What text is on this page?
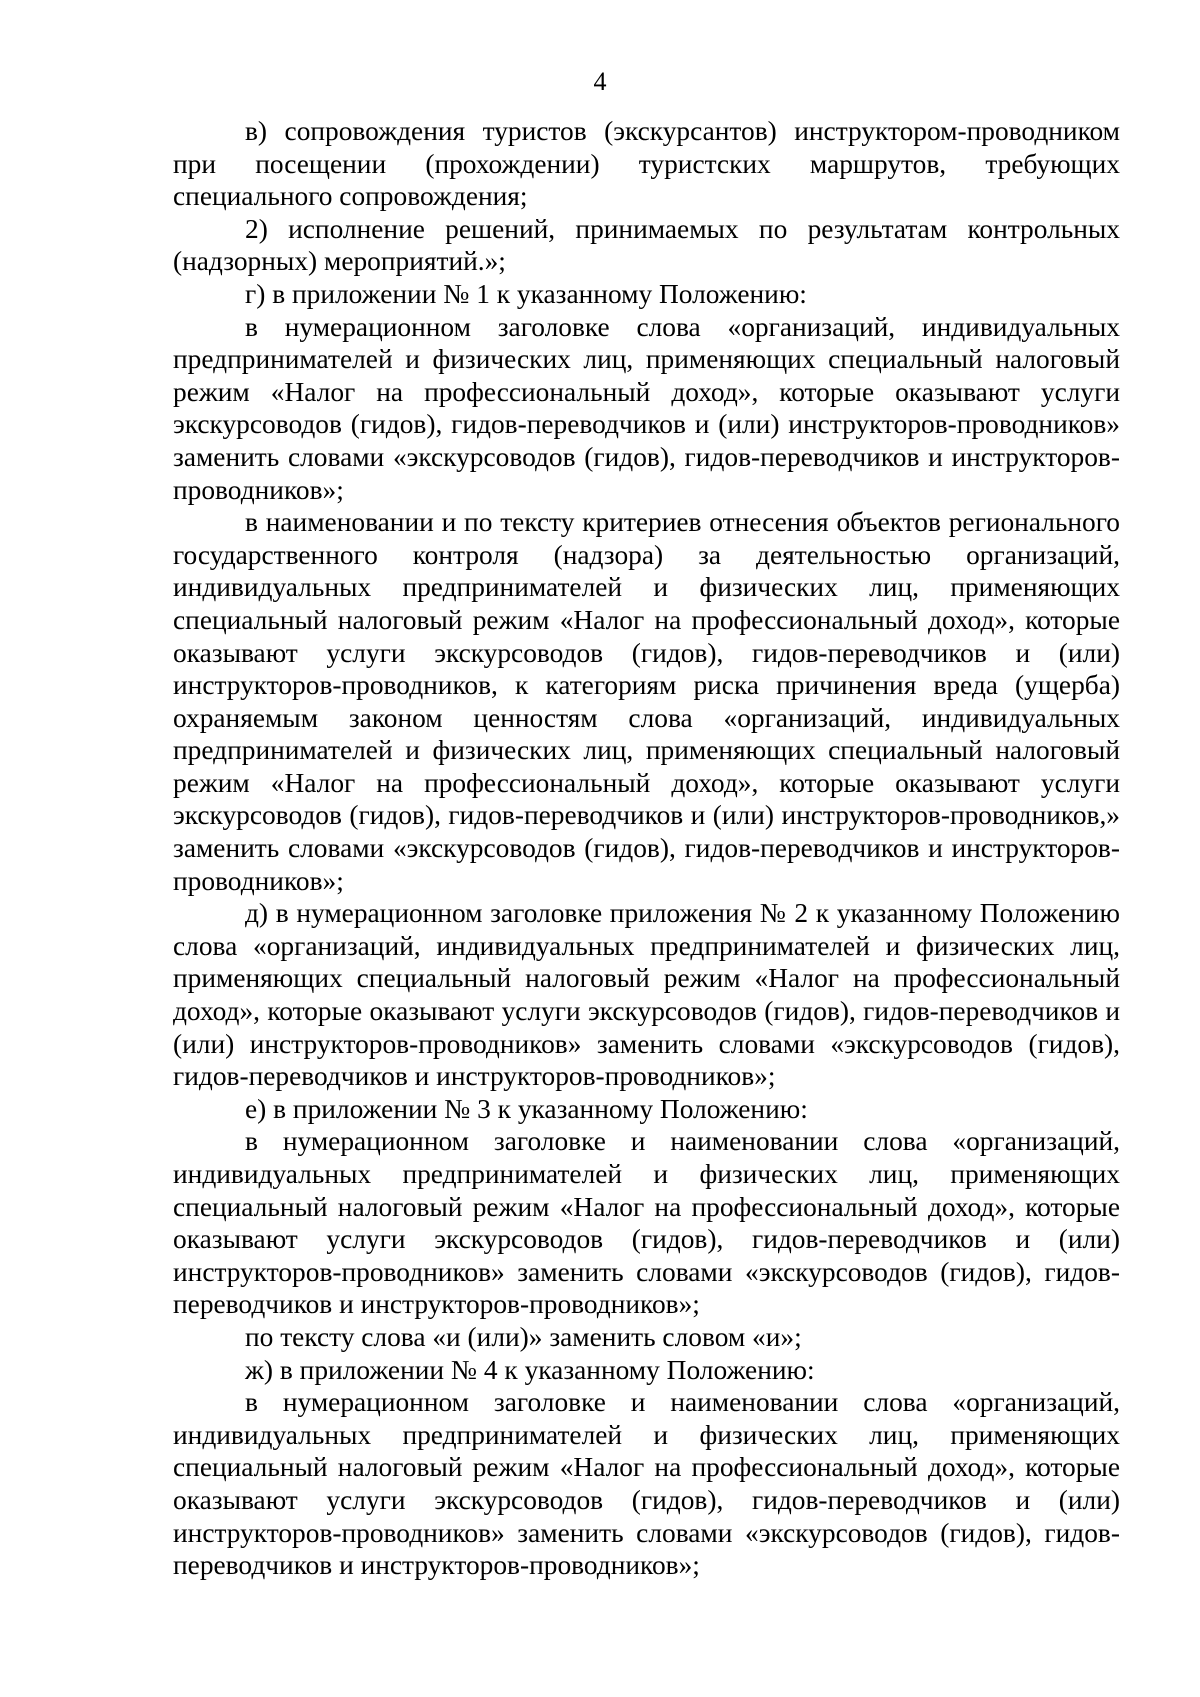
4

в) сопровождения туристов (экскурсантов) инструктором-проводником при посещении (прохождении) туристских маршрутов, требующих специального сопровождения;

2) исполнение решений, принимаемых по результатам контрольных (надзорных) мероприятий.»;

г) в приложении № 1 к указанному Положению:

в нумерационном заголовке слова «организаций, индивидуальных предпринимателей и физических лиц, применяющих специальный налоговый режим «Налог на профессиональный доход», которые оказывают услуги экскурсоводов (гидов), гидов-переводчиков и (или) инструкторов-проводников» заменить словами «экскурсоводов (гидов), гидов-переводчиков и инструкторов-проводников»;

в наименовании и по тексту критериев отнесения объектов регионального государственного контроля (надзора) за деятельностью организаций, индивидуальных предпринимателей и физических лиц, применяющих специальный налоговый режим «Налог на профессиональный доход», которые оказывают услуги экскурсоводов (гидов), гидов-переводчиков и (или) инструкторов-проводников, к категориям риска причинения вреда (ущерба) охраняемым законом ценностям слова «организаций, индивидуальных предпринимателей и физических лиц, применяющих специальный налоговый режим «Налог на профессиональный доход», которые оказывают услуги экскурсоводов (гидов), гидов-переводчиков и (или) инструкторов-проводников,» заменить словами «экскурсоводов (гидов), гидов-переводчиков и инструкторов-проводников»;

д) в нумерационном заголовке приложения № 2 к указанному Положению слова «организаций, индивидуальных предпринимателей и физических лиц, применяющих специальный налоговый режим «Налог на профессиональный доход», которые оказывают услуги экскурсоводов (гидов), гидов-переводчиков и (или) инструкторов-проводников» заменить словами «экскурсоводов (гидов), гидов-переводчиков и инструкторов-проводников»;

е) в приложении № 3 к указанному Положению:

в нумерационном заголовке и наименовании слова «организаций, индивидуальных предпринимателей и физических лиц, применяющих специальный налоговый режим «Налог на профессиональный доход», которые оказывают услуги экскурсоводов (гидов), гидов-переводчиков и (или) инструкторов-проводников» заменить словами «экскурсоводов (гидов), гидов-переводчиков и инструкторов-проводников»;

по тексту слова «и (или)» заменить словом «и»;

ж) в приложении № 4 к указанному Положению:

в нумерационном заголовке и наименовании слова «организаций, индивидуальных предпринимателей и физических лиц, применяющих специальный налоговый режим «Налог на профессиональный доход», которые оказывают услуги экскурсоводов (гидов), гидов-переводчиков и (или) инструкторов-проводников» заменить словами «экскурсоводов (гидов), гидов-переводчиков и инструкторов-проводников»;
